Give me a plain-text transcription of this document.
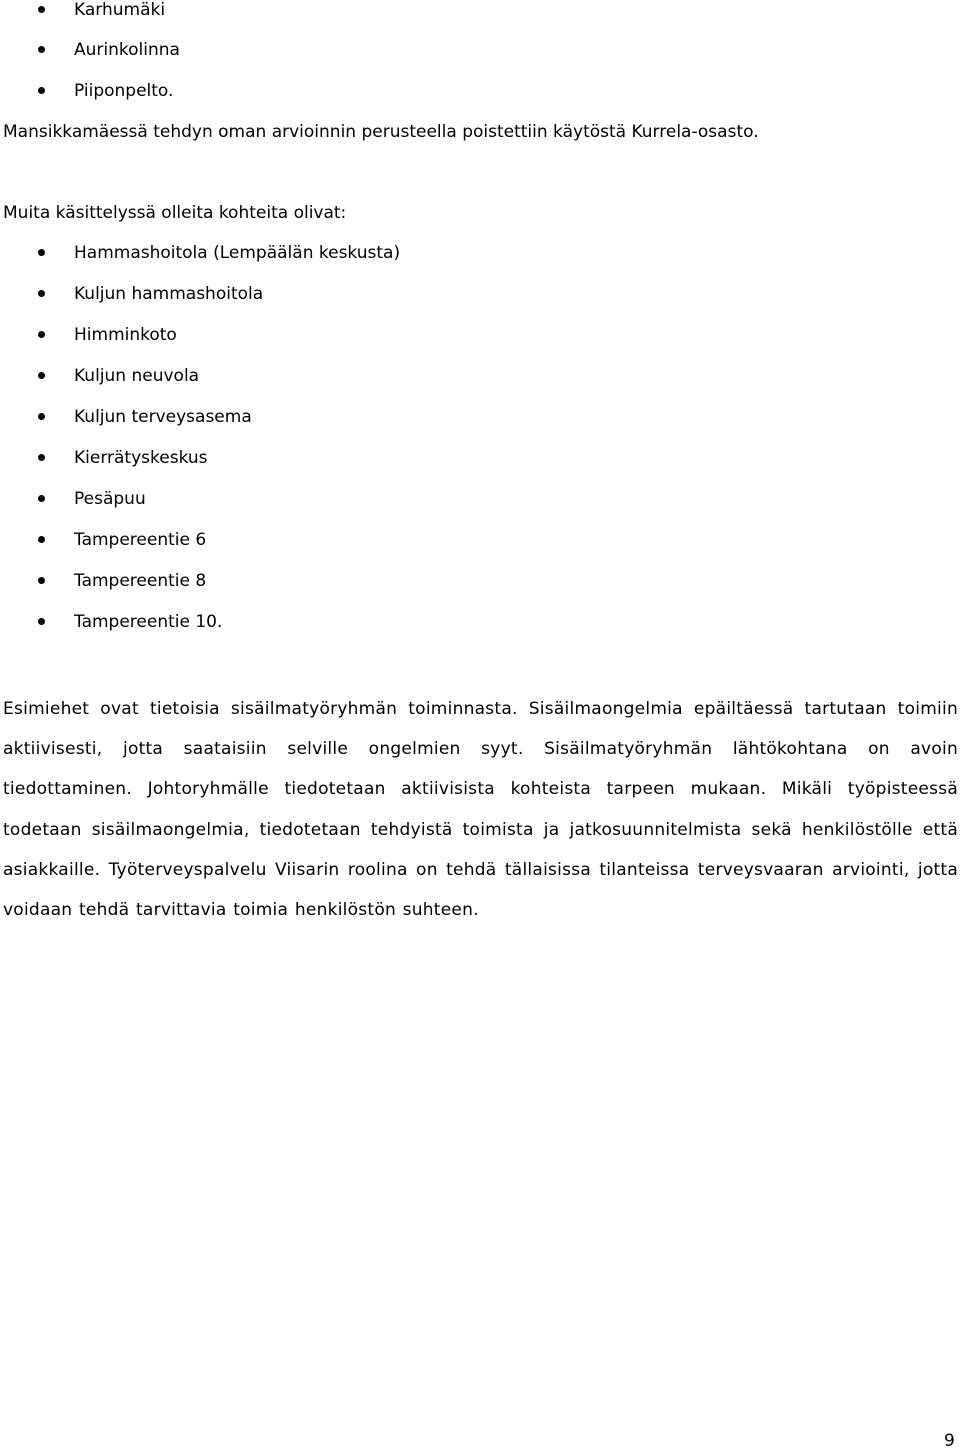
Karhumäki
Aurinkolinna
Piiponpelto.
Mansikkamäessä tehdyn oman arvioinnin perusteella poistettiin käytöstä Kurrela-osasto.
Muita käsittelyssä olleita kohteita olivat:
Hammashoitola (Lempäälän keskusta)
Kuljun hammashoitola
Himminkoto
Kuljun neuvola
Kuljun terveysasema
Kierrätyskeskus
Pesäpuu
Tampereentie 6
Tampereentie 8
Tampereentie 10.

Esimiehet ovat tietoisia sisäilmatyöryhmän toiminnasta. Sisäilmaongelmia epäiltäessä tartutaan toimiin aktiivisesti, jotta saataisiin selville ongelmien syyt. Sisäilmatyöryhmän lähtökohtana on avoin tiedottaminen. Johtoryhmälle tiedotetaan aktiivisista kohteista tarpeen mukaan. Mikäli työpisteessä todetaan sisäilmaongelmia, tiedotetaan tehdyistä toimista ja jatkosuunnitelmista sekä henkilöstölle että asiakkaille. Työterveyspalvelu Viisarin roolina on tehdä tällaisissa tilanteissa terveysvaaran arviointi, jotta voidaan tehdä tarvittavia toimia henkilöstön suhteen.

9
